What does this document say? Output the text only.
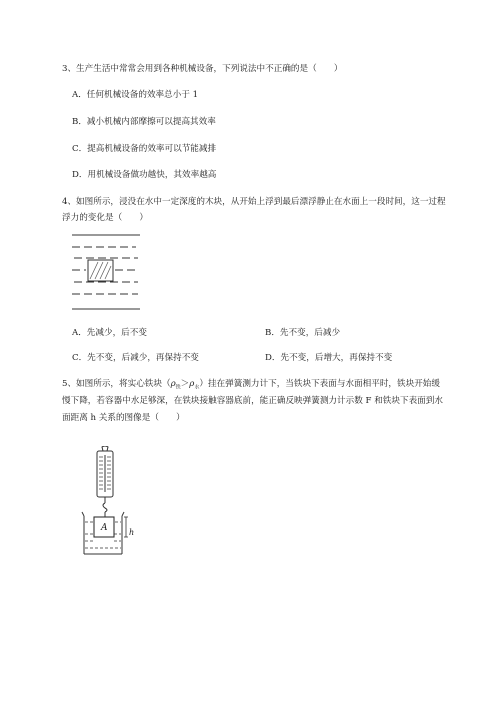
3、生产生活中常常会用到各种机械设备，下列说法中不正确的是（　　）
A．任何机械设备的效率总小于 1
B．减小机械内部摩擦可以提高其效率
C．提高机械设备的效率可以节能减排
D．用机械设备做功越快，其效率越高
4、如图所示，浸没在水中一定深度的木块，从开始上浮到最后漂浮静止在水面上一段时间，这一过程
浮力的变化是（　　）
A．先减少，后不变	B．先不变，后减少
C．先不变，后减少，再保持不变	D．先不变，后增大，再保持不变
5、如图所示，将实心铁块$(\rho_铁>\rho_水)$挂在弹簧测力计下，当铁块下表面与水面相平时，铁块开始缓
慢下降，若容器中水足够深，在铁块接触容器底前，能正确反映弹簧测力计示数 F 和铁块下表面到水
面距离 h 关系的图像是（　　）
A	h
